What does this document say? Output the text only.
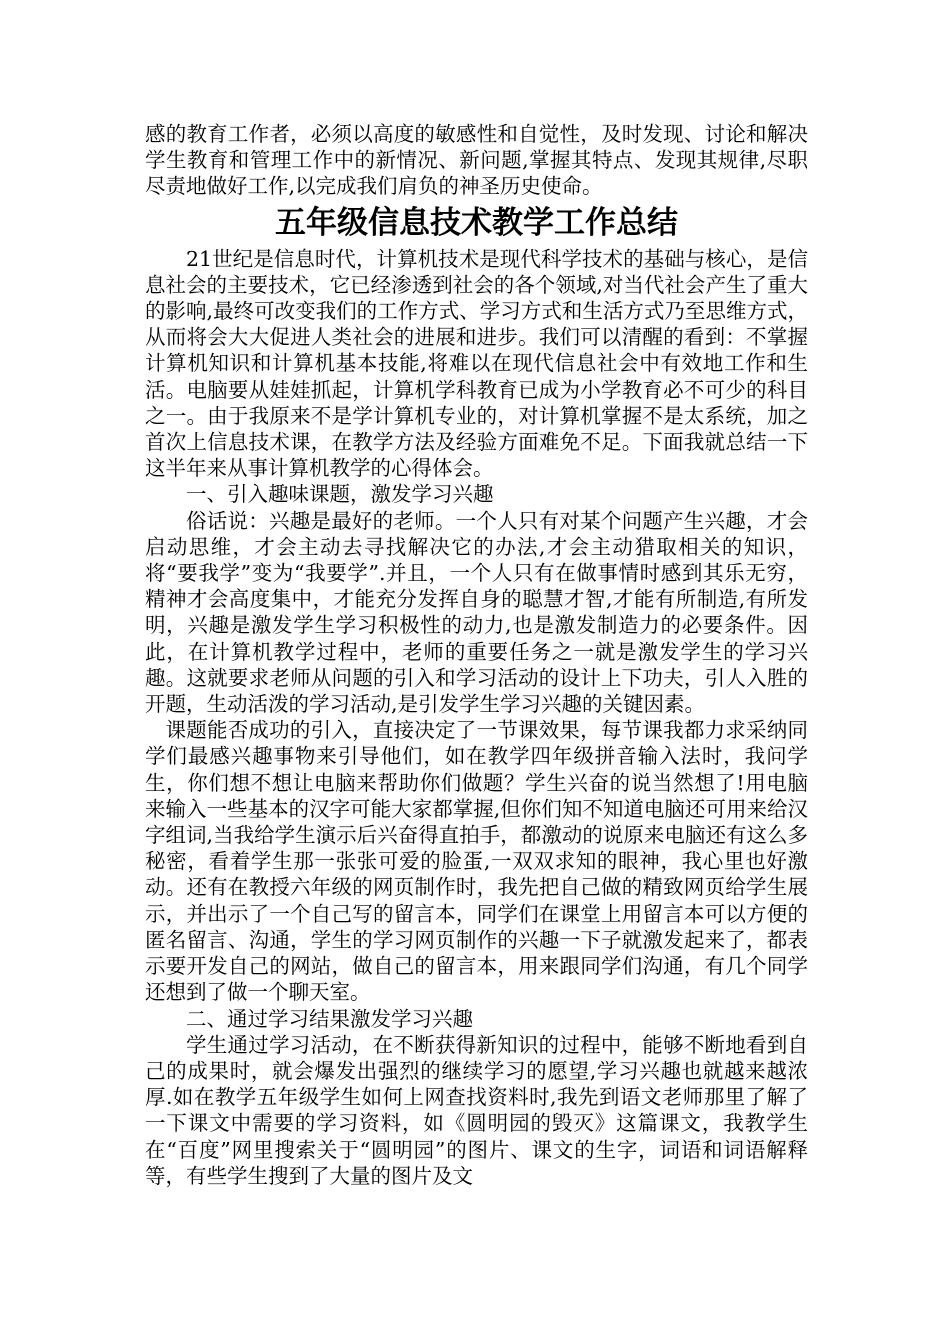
感的教育工作者，必须以高度的敏感性和自觉性，及时发现、讨论和解决学生教育和管理工作中的新情况、新问题,掌握其特点、发现其规律,尽职尽责地做好工作,以完成我们肩负的神圣历史使命。

五年级信息技术教学工作总结

21世纪是信息时代，计算机技术是现代科学技术的基础与核心，是信息社会的主要技术，它已经渗透到社会的各个领域,对当代社会产生了重大的影响,最终可改变我们的工作方式、学习方式和生活方式乃至思维方式，从而将会大大促进人类社会的进展和进步。我们可以清醒的看到：不掌握计算机知识和计算机基本技能,将难以在现代信息社会中有效地工作和生活。电脑要从娃娃抓起，计算机学科教育已成为小学教育必不可少的科目之一。由于我原来不是学计算机专业的，对计算机掌握不是太系统，加之首次上信息技术课，在教学方法及经验方面难免不足。下面我就总结一下这半年来从事计算机教学的心得体会。

一、引入趣味课题，激发学习兴趣

俗话说：兴趣是最好的老师。一个人只有对某个问题产生兴趣，才会启动思维，才会主动去寻找解决它的办法,才会主动猎取相关的知识，将“要我学”变为“我要学”.并且，一个人只有在做事情时感到其乐无穷，精神才会高度集中，才能充分发挥自身的聪慧才智,才能有所制造,有所发明，兴趣是激发学生学习积极性的动力,也是激发制造力的必要条件。因此，在计算机教学过程中，老师的重要任务之一就是激发学生的学习兴趣。这就要求老师从问题的引入和学习活动的设计上下功夫，引人入胜的开题，生动活泼的学习活动,是引发学生学习兴趣的关键因素。

课题能否成功的引入，直接决定了一节课效果，每节课我都力求采纳同学们最感兴趣事物来引导他们，如在教学四年级拼音输入法时，我问学生，你们想不想让电脑来帮助你们做题？学生兴奋的说当然想了!用电脑来输入一些基本的汉字可能大家都掌握,但你们知不知道电脑还可用来给汉字组词,当我给学生演示后兴奋得直拍手，都激动的说原来电脑还有这么多秘密，看着学生那一张张可爱的脸蛋,一双双求知的眼神，我心里也好激动。还有在教授六年级的网页制作时，我先把自己做的精致网页给学生展示，并出示了一个自己写的留言本，同学们在课堂上用留言本可以方便的匿名留言、沟通，学生的学习网页制作的兴趣一下子就激发起来了，都表示要开发自己的网站，做自己的留言本，用来跟同学们沟通，有几个同学还想到了做一个聊天室。

二、通过学习结果激发学习兴趣

学生通过学习活动，在不断获得新知识的过程中，能够不断地看到自己的成果时，就会爆发出强烈的继续学习的愿望,学习兴趣也就越来越浓厚.如在教学五年级学生如何上网查找资料时,我先到语文老师那里了解了一下课文中需要的学习资料，如《圆明园的毁灭》这篇课文，我教学生在“百度”网里搜索关于“圆明园”的图片、课文的生字，词语和词语解释等，有些学生搜到了大量的图片及文
